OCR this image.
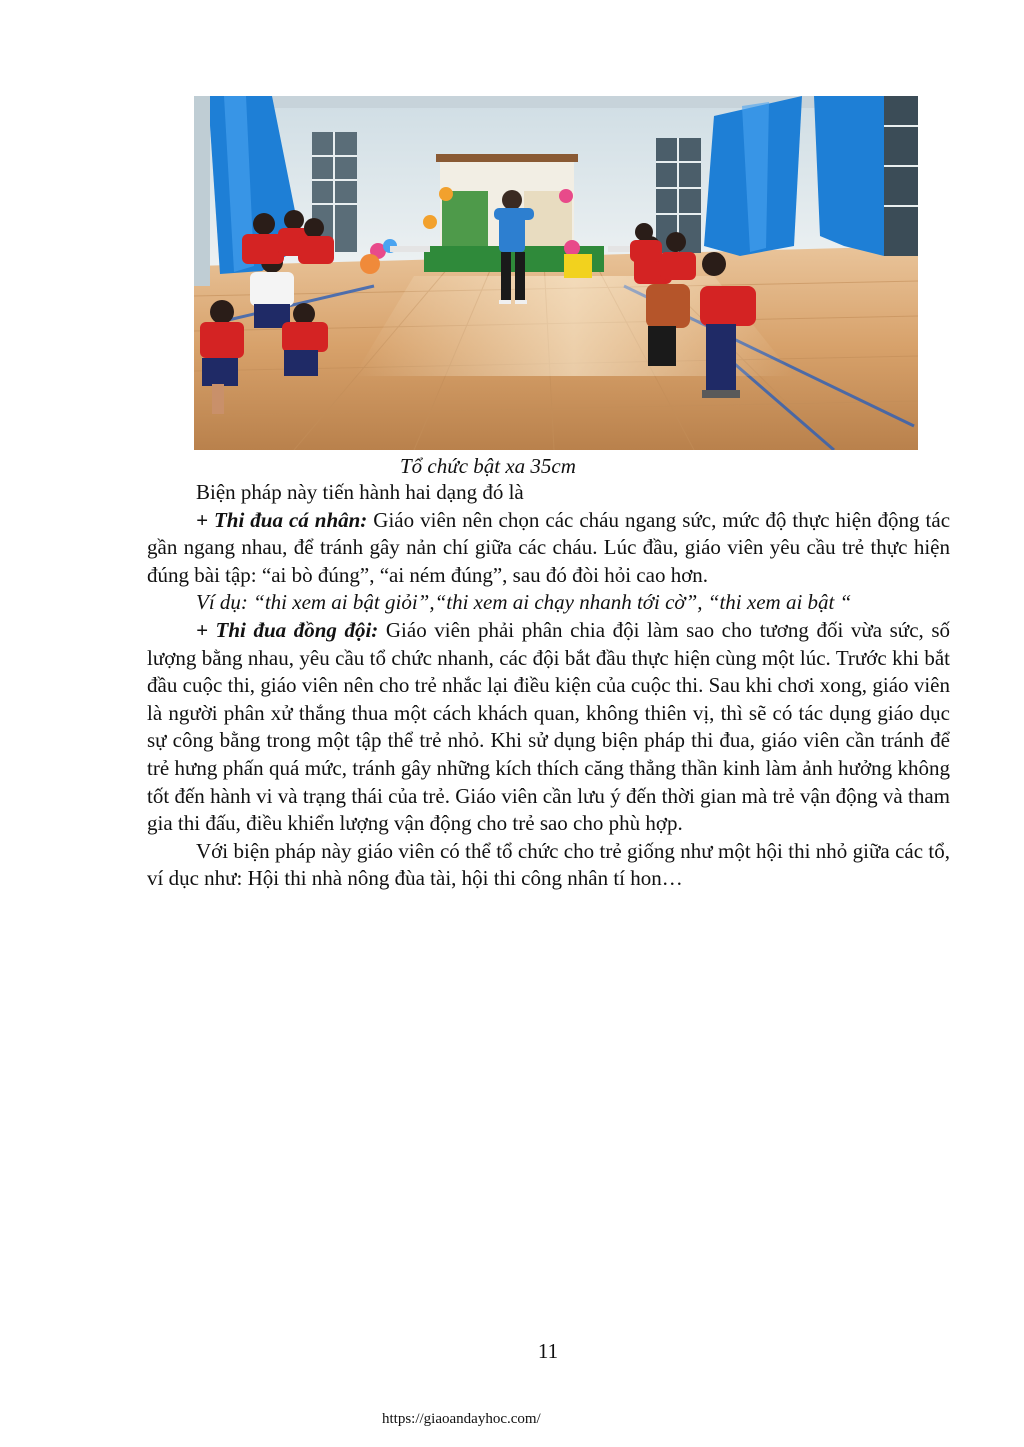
Tổ chức bật xa 35cm

Biện pháp này tiến hành hai dạng đó là

+ Thi đua cá nhân: Giáo viên nên chọn các cháu ngang sức, mức độ thực hiện động tác gần ngang nhau, để tránh gây nản chí giữa các cháu. Lúc đầu, giáo viên yêu cầu trẻ thực hiện đúng bài tập: “ai bò đúng”, “ai ném đúng”, sau đó đòi hỏi cao hơn.

Ví dụ: “thi xem ai bật giỏi”,“thi xem ai chạy nhanh tới cờ”, “thi xem ai bật “

+ Thi đua đồng đội: Giáo viên phải phân chia đội làm sao cho tương đối vừa sức, số lượng bằng nhau, yêu cầu tổ chức nhanh, các đội bắt đầu thực hiện cùng một lúc. Trước khi bắt đầu cuộc thi, giáo viên nên cho trẻ nhắc lại điều kiện của cuộc thi. Sau khi chơi xong, giáo viên là người phân xử thắng thua một cách khách quan, không thiên vị, thì sẽ có tác dụng giáo dục sự công bằng trong một tập thể trẻ nhỏ. Khi sử dụng biện pháp thi đua, giáo viên cần tránh để trẻ hưng phấn quá mức, tránh gây những kích thích căng thẳng thần kinh làm ảnh hưởng không tốt đến hành vi và trạng thái của trẻ. Giáo viên cần lưu ý đến thời gian mà trẻ vận động và tham gia thi đấu, điều khiển lượng vận động cho trẻ sao cho phù hợp.

Với biện pháp này giáo viên có thể tổ chức cho trẻ giống như một hội thi nhỏ giữa các tổ, ví dục như: Hội thi nhà nông đùa tài, hội thi công nhân tí hon…

11
https://giaoandayhoc.com/
